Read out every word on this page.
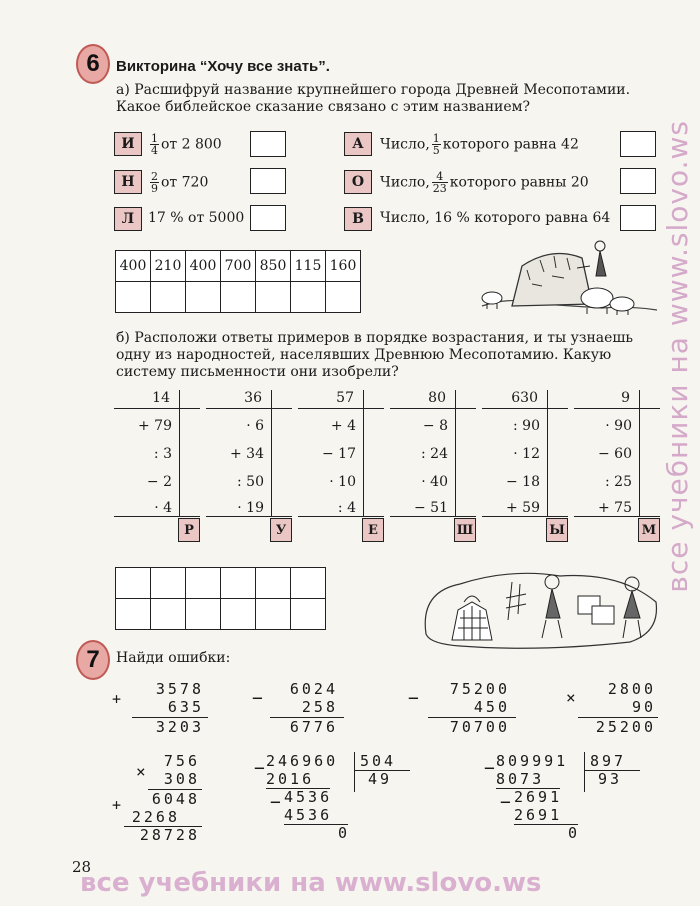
6	Викторина “Хочу все знать”.
а) Расшифруй название крупнейшего города Древней Месопотамии. Какое библейское сказание связано с этим названием?
И	$\frac{1}{4}$ от 2 800
Н	$\frac{2}{9}$ от 720
Л 17 % от 5000
А	Число, $\frac{1}{5}$ которого равна 42
О	Число, $\frac{4}{23}$ которого равны 20
В	Число, 16 % которого равна 64
400	210	400	700	850	115	160

б) Расположи ответы примеров в порядке возрастания, и ты узнаешь одну из народностей, населявших Древнюю Месопотамию. Какую систему письменности они изобрели?
14
+ 79
: 3
− 2
· 4
Р
36
· 6
+ 34
: 50
· 19
У
57
+ 4
− 17
· 10
: 4
Е
80
− 8
: 24
· 40
− 51
Ш
630
: 90
· 12
− 18
+ 59
Ы
9
· 90
− 60
: 25
+ 75
М

7	Найди ошибки:
+
3578
635
3203
− 6024
258
6776
− 75200
450
70700
× 2800
90
25200
×
756
308
+ 6048
2268
28728
−
246960 504
49
2016
− 4536
4536
0
−
809991 897
93
8073
− 2691
2691
0
28
все учебники на www.slovo.ws
все учебники на www.slovo.ws
